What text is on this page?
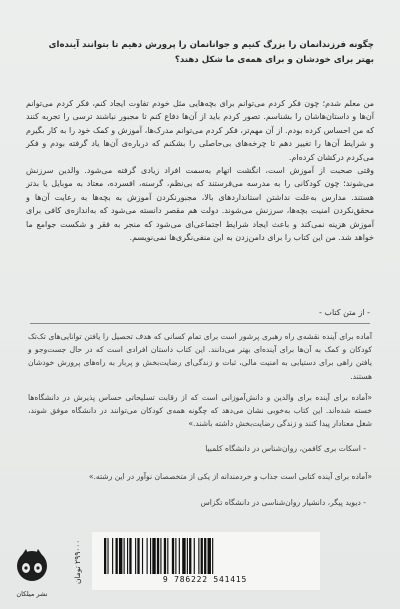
چگونه فرزندانمان را بزرگ کنیم و جوانانمان را پرورش دهیم تا بتوانند آینده‌ای بهتر برای خودشان و برای همه‌ی ما شکل دهند؟

من معلم شدم؛ چون فکر کردم می‌توانم برای بچه‌هایی مثل خودم تفاوت ایجاد کنم، فکر کردم می‌توانم آن‌ها و داستان‌هاشان را بشناسم. تصور کردم باید از آن‌ها دفاع کنم تا مجبور نباشند ترسی را تجربه کنند که من احساس کرده بودم. از آن مهم‌تر، فکر کردم می‌توانم مدرک‌ها، آموزش و کمک خود را به کار بگیرم و شرایط آن‌ها را تغییر دهم تا چرخه‌های بی‌حاصلی را بشکنم که درباره‌ی آن‌ها یاد گرفته بودم و فکر می‌کردم درکشان کرده‌ام.

وقتی صحبت از آموزش است، انگشت اتهام به‌سمت افراد زیادی گرفته می‌شود. والدین سرزنش می‌شوند؛ چون کودکانی را به مدرسه می‌فرستند که بی‌نظم، گرسنه، افسرده، معتاد به موبایل یا بدتر هستند. مدارس به‌علت نداشتن استانداردهای بالا، مجبورنکردن آموزش به بچه‌ها به رعایت آن‌ها و محقق‌نکردن امنیت بچه‌ها، سرزنش می‌شوند. دولت هم مقصر دانسته می‌شود که به‌اندازه‌ی کافی برای آموزش هزینه نمی‌کند و باعث ایجاد شرایط اجتماعی‌ای می‌شود که منجر به فقر و شکست جوامع ما خواهد شد. من این کتاب را برای دامن‌زدن به این منفی‌نگری‌ها نمی‌نویسم.

- از متن کتاب -

آماده برای آینده نقشه‌ی راه رهبری پرشور است برای تمام کسانی که هدف تحصیل را یافتن توانایی‌های تک‌تک کودکان و کمک به آن‌ها برای آینده‌ای بهتر می‌دانند. این کتاب داستان افرادی است که در حال جست‌وجو و یافتن راهی برای دستیابی به امنیت مالی، ثبات و زندگی‌ای رضایت‌بخش و پربار به راه‌های پرورش خودشان هستند.

«آماده برای آینده برای والدین و دانش‌آموزانی است که از رقابت تسلیحاتی حساس پذیرش در دانشگاه‌ها خسته شده‌اند. این کتاب به‌خوبی نشان می‌دهد که چگونه همه‌ی کودکان می‌توانند در دانشگاه موفق شوند، شغل معنادار پیدا کنند و زندگی رضایت‌بخش داشته باشند.»

- اسکات بری کافمن، روان‌شناس در دانشگاه کلمبیا

«آماده برای آینده کتابی است جذاب و خردمندانه از یکی از متخصصان نوآور در این رشته.»

- دیوید پیگر، دانشیار روان‌شناسی در دانشگاه تگزاس
9 786222 541415
۲۹۹۰۰۰ تومان
نشر میلکان
